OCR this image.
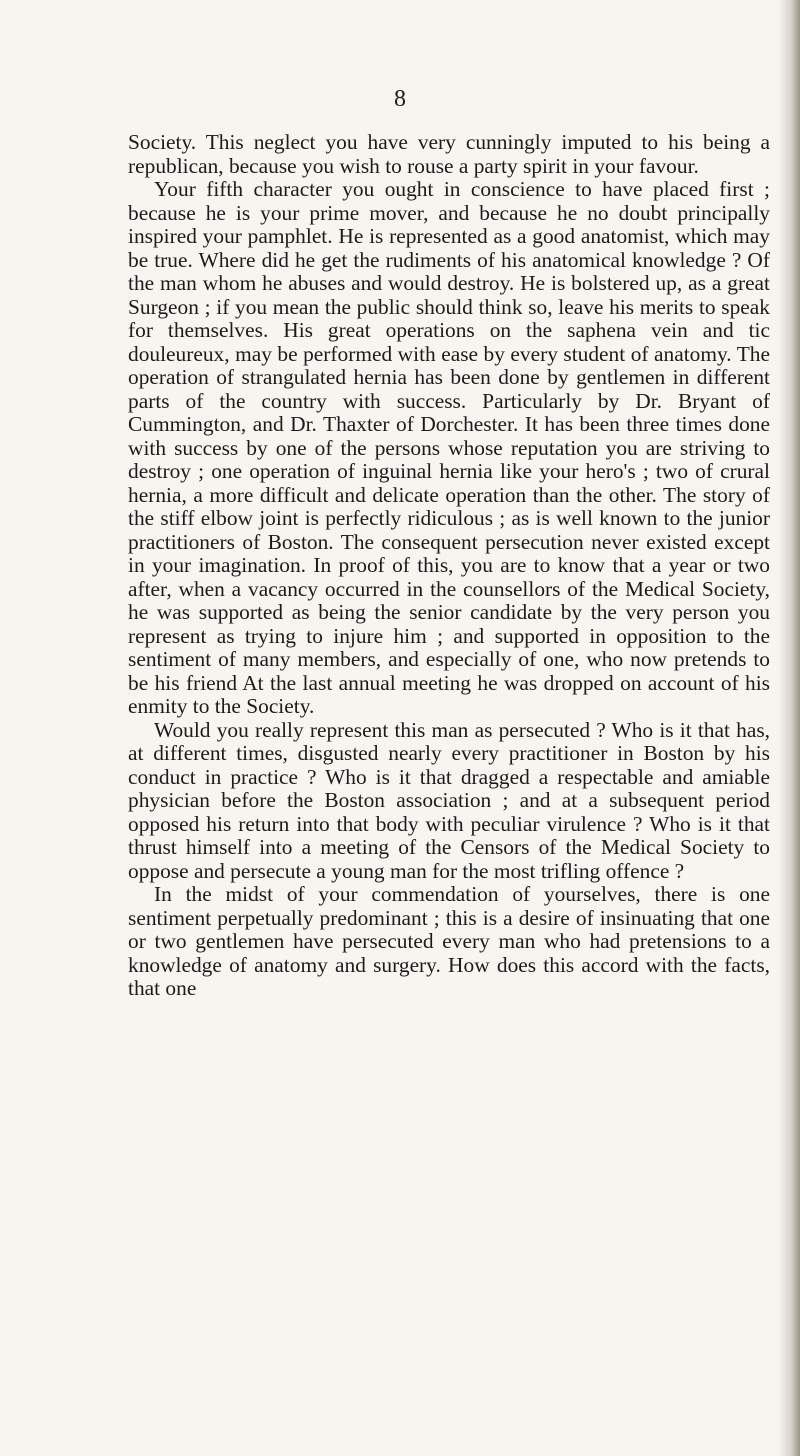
8

Society. This neglect you have very cunningly imputed to his being a republican, because you wish to rouse a party spirit in your favour.

Your fifth character you ought in conscience to have placed first ; because he is your prime mover, and because he no doubt principally inspired your pamphlet. He is represented as a good anatomist, which may be true. Where did he get the rudiments of his anatomical knowledge ? Of the man whom he abuses and would destroy. He is bolstered up, as a great Surgeon ; if you mean the public should think so, leave his merits to speak for themselves. His great operations on the saphena vein and tic douleureux, may be performed with ease by every student of anatomy. The operation of strangulated hernia has been done by gentlemen in different parts of the country with success. Particularly by Dr. Bryant of Cummington, and Dr. Thaxter of Dorchester. It has been three times done with success by one of the persons whose reputation you are striving to destroy ; one operation of inguinal hernia like your hero's ; two of crural hernia, a more difficult and delicate operation than the other. The story of the stiff elbow joint is perfectly ridiculous ; as is well known to the junior practitioners of Boston. The consequent persecution never existed except in your imagination. In proof of this, you are to know that a year or two after, when a vacancy occurred in the counsellors of the Medical Society, he was supported as being the senior candidate by the very person you represent as trying to injure him ; and supported in opposition to the sentiment of many members, and especially of one, who now pretends to be his friend At the last annual meeting he was dropped on account of his enmity to the Society.

Would you really represent this man as persecuted ? Who is it that has, at different times, disgusted nearly every practitioner in Boston by his conduct in practice ? Who is it that dragged a respectable and amiable physician before the Boston association ; and at a subsequent period opposed his return into that body with peculiar virulence ? Who is it that thrust himself into a meeting of the Censors of the Medical Society to oppose and persecute a young man for the most trifling offence ?

In the midst of your commendation of yourselves, there is one sentiment perpetually predominant ; this is a desire of insinuating that one or two gentlemen have persecuted every man who had pretensions to a knowledge of anatomy and surgery. How does this accord with the facts, that one
